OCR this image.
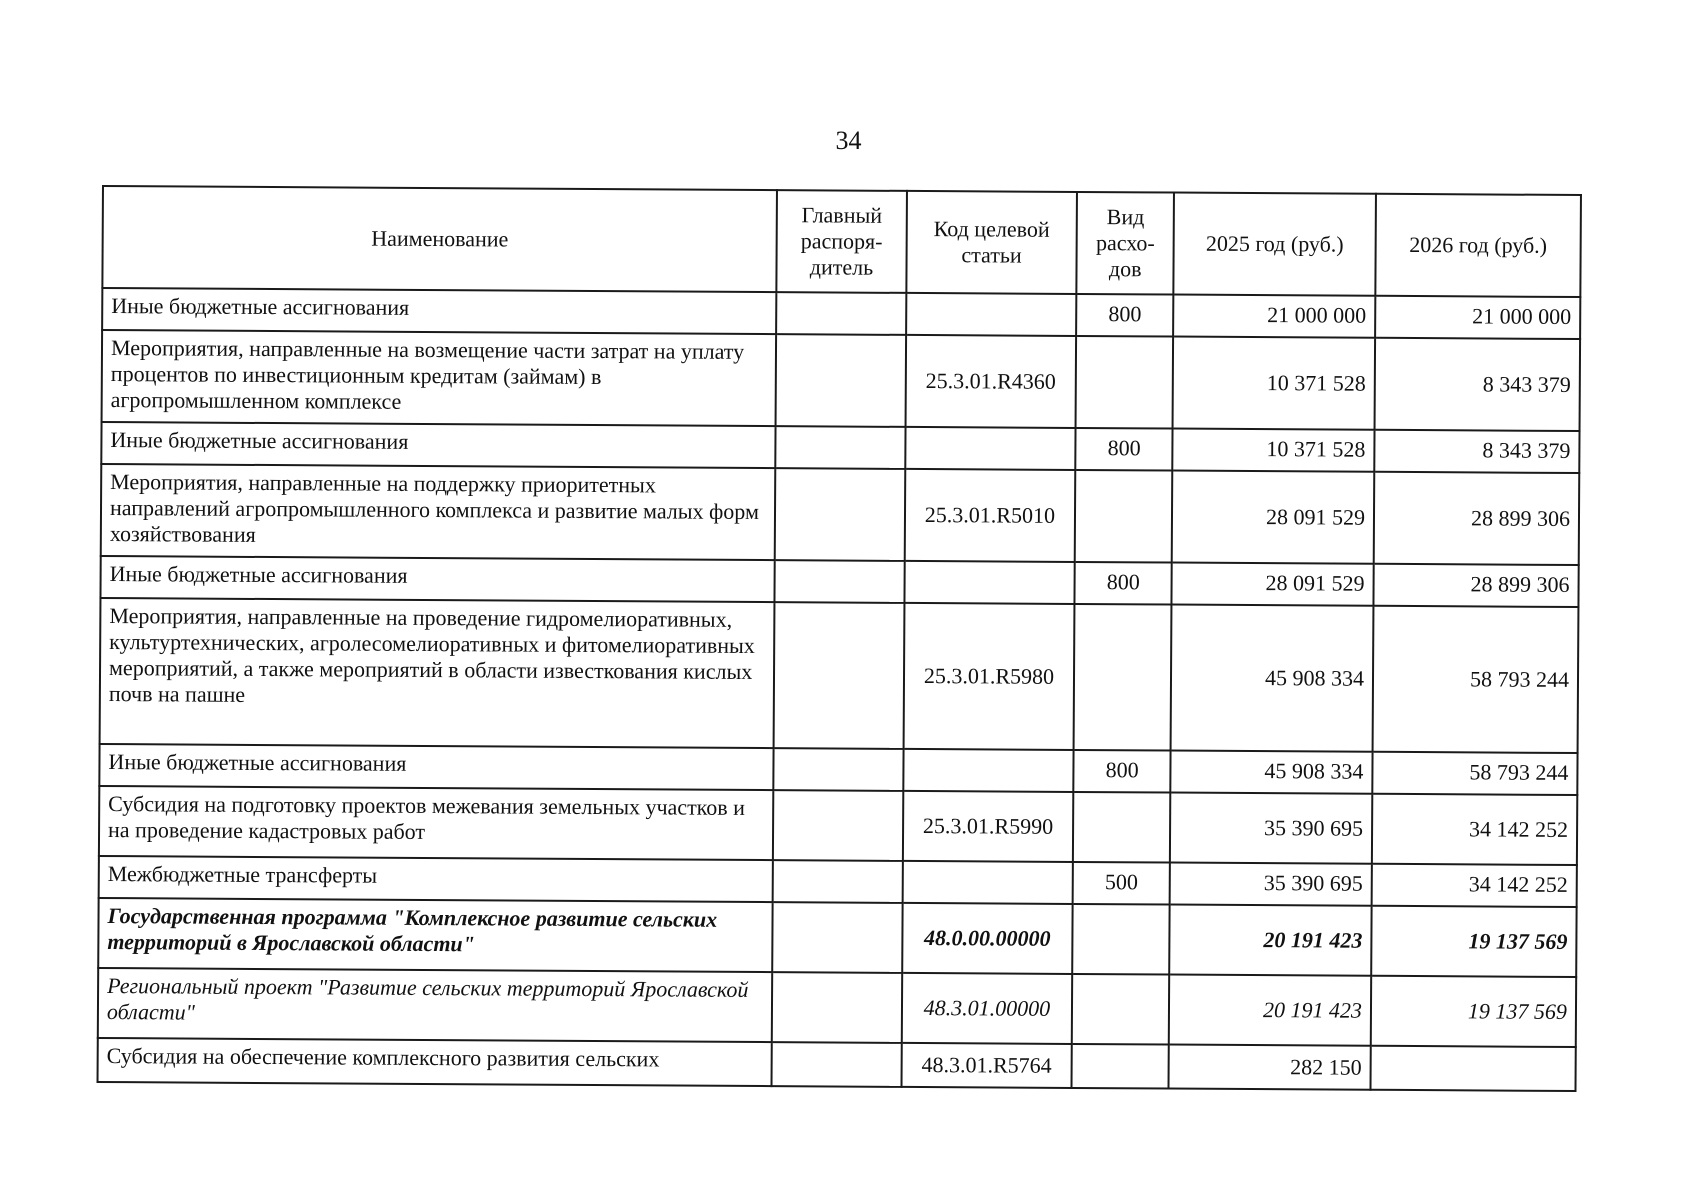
34
Наименование	Главный распоря-дитель	Код целевой статьи	Вид расхо-дов	2025 год (руб.)	2026 год (руб.)
Иные бюджетные ассигнования			800	21 000 000	21 000 000
Мероприятия, направленные на возмещение части затрат на уплату процентов по инвестиционным кредитам (займам) в агропромышленном комплексе		25.3.01.R4360		10 371 528	8 343 379
Иные бюджетные ассигнования			800	10 371 528	8 343 379
Мероприятия, направленные на поддержку приоритетных направлений агропромышленного комплекса и развитие малых форм хозяйствования		25.3.01.R5010		28 091 529	28 899 306
Иные бюджетные ассигнования			800	28 091 529	28 899 306
Мероприятия, направленные на проведение гидромелиоративных, культуртехнических, агролесомелиоративных и фитомелиоративных мероприятий, а также мероприятий в области известкования кислых почв на пашне		25.3.01.R5980		45 908 334	58 793 244
Иные бюджетные ассигнования			800	45 908 334	58 793 244
Субсидия на подготовку проектов межевания земельных участков и на проведение кадастровых работ		25.3.01.R5990		35 390 695	34 142 252
Межбюджетные трансферты			500	35 390 695	34 142 252
Государственная программа "Комплексное развитие сельских территорий в Ярославской области"		48.0.00.00000		20 191 423	19 137 569
Региональный проект "Развитие сельских территорий Ярославской области"		48.3.01.00000		20 191 423	19 137 569
Субсидия на обеспечение комплексного развития сельских		48.3.01.R5764		282 150	
